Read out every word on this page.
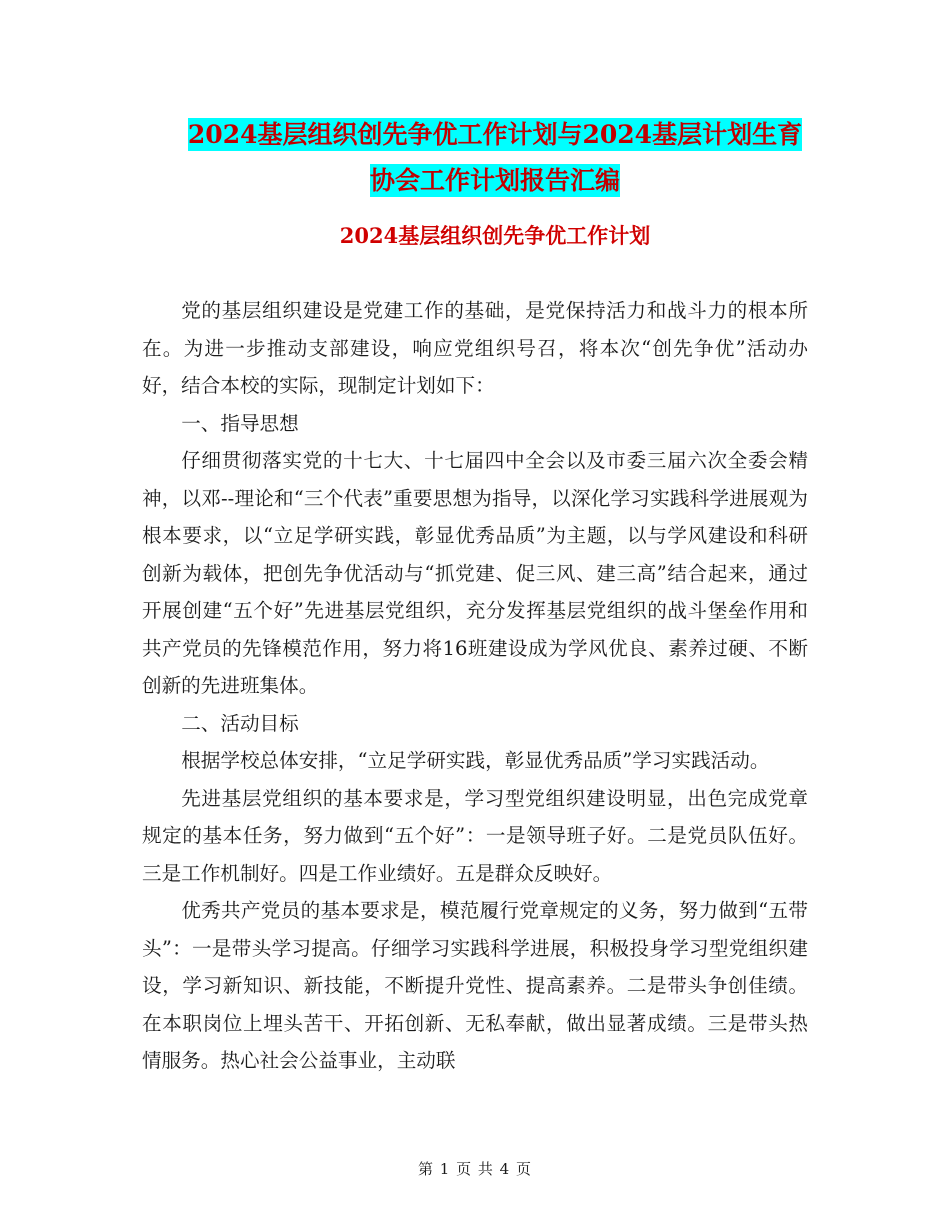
2024基层组织创先争优工作计划与2024基层计划生育
协会工作计划报告汇编
2024基层组织创先争优工作计划

党的基层组织建设是党建工作的基础，是党保持活力和战斗力的根本所在。为进一步推动支部建设，响应党组织号召，将本次“创先争优”活动办好，结合本校的实际，现制定计划如下：

一、指导思想

仔细贯彻落实党的十七大、十七届四中全会以及市委三届六次全委会精神，以邓--理论和“三个代表”重要思想为指导，以深化学习实践科学进展观为根本要求，以“立足学研实践，彰显优秀品质”为主题，以与学风建设和科研创新为载体，把创先争优活动与“抓党建、促三风、建三高”结合起来，通过开展创建“五个好”先进基层党组织，充分发挥基层党组织的战斗堡垒作用和共产党员的先锋模范作用，努力将16班建设成为学风优良、素养过硬、不断创新的先进班集体。

二、活动目标

根据学校总体安排，“立足学研实践，彰显优秀品质”学习实践活动。

先进基层党组织的基本要求是，学习型党组织建设明显，出色完成党章规定的基本任务，努力做到“五个好”：一是领导班子好。二是党员队伍好。三是工作机制好。四是工作业绩好。五是群众反映好。

优秀共产党员的基本要求是，模范履行党章规定的义务，努力做到“五带头”：一是带头学习提高。仔细学习实践科学进展，积极投身学习型党组织建设，学习新知识、新技能，不断提升党性、提高素养。二是带头争创佳绩。在本职岗位上埋头苦干、开拓创新、无私奉献，做出显著成绩。三是带头热情服务。热心社会公益事业，主动联

第 1 页 共 4 页
